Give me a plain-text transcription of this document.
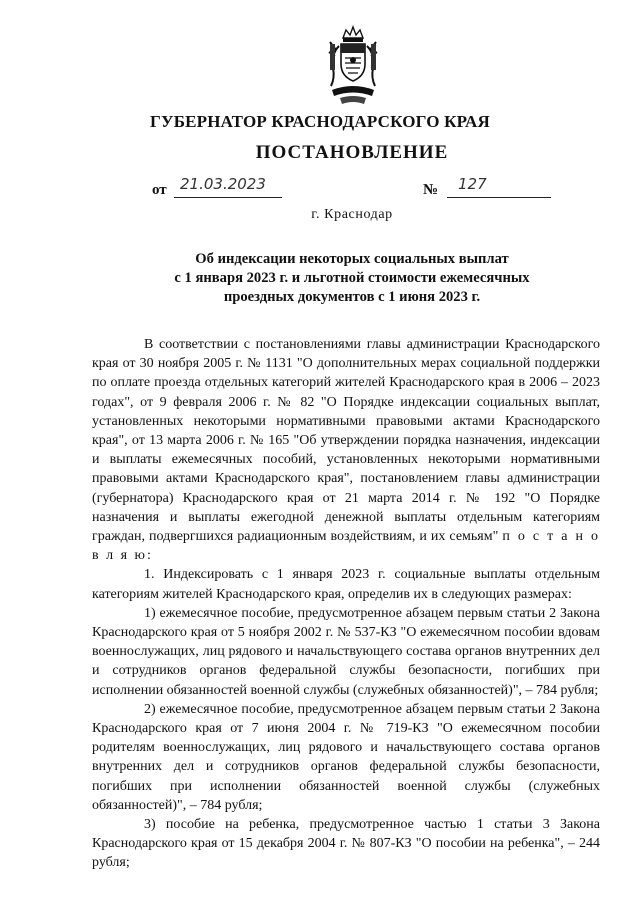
ГУБЕРНАТОР КРАСНОДАРСКОГО КРАЯ
ПОСТАНОВЛЕНИЕ
от 21.03.2023	№ 127
г. Краснодар
Об индексации некоторых социальных выплат
с 1 января 2023 г. и льготной стоимости ежемесячных
проездных документов с 1 июня 2023 г.

В соответствии с постановлениями главы администрации Краснодарского края от 30 ноября 2005 г. № 1131 "О дополнительных мерах социальной поддержки по оплате проезда отдельных категорий жителей Краснодарского края в 2006 – 2023 годах", от 9 февраля 2006 г. № 82 "О Порядке индексации социальных выплат, установленных некоторыми нормативными правовыми актами Краснодарского края", от 13 марта 2006 г. № 165 "Об утверждении порядка назначения, индексации и выплаты ежемесячных пособий, установленных некоторыми нормативными правовыми актами Краснодарского края", постановлением главы администрации (губернатора) Краснодарского края от 21 марта 2014 г. № 192 "О Порядке назначения и выплаты ежегодной денежной выплаты отдельным категориям граждан, подвергшихся радиационным воздействиям, и их семьям" п о с т а н о в л я ю:

1. Индексировать с 1 января 2023 г. социальные выплаты отдельным категориям жителей Краснодарского края, определив их в следующих размерах:

1) ежемесячное пособие, предусмотренное абзацем первым статьи 2 Закона Краснодарского края от 5 ноября 2002 г. № 537-КЗ "О ежемесячном пособии вдовам военнослужащих, лиц рядового и начальствующего состава органов внутренних дел и сотрудников органов федеральной службы безопасности, погибших при исполнении обязанностей военной службы (служебных обязанностей)", – 784 рубля;

2) ежемесячное пособие, предусмотренное абзацем первым статьи 2 Закона Краснодарского края от 7 июня 2004 г. № 719-КЗ "О ежемесячном пособии родителям военнослужащих, лиц рядового и начальствующего состава органов внутренних дел и сотрудников органов федеральной службы безопасности, погибших при исполнении обязанностей военной службы (служебных обязанностей)", – 784 рубля;

3) пособие на ребенка, предусмотренное частью 1 статьи 3 Закона Краснодарского края от 15 декабря 2004 г. № 807-КЗ "О пособии на ребенка", – 244 рубля;
